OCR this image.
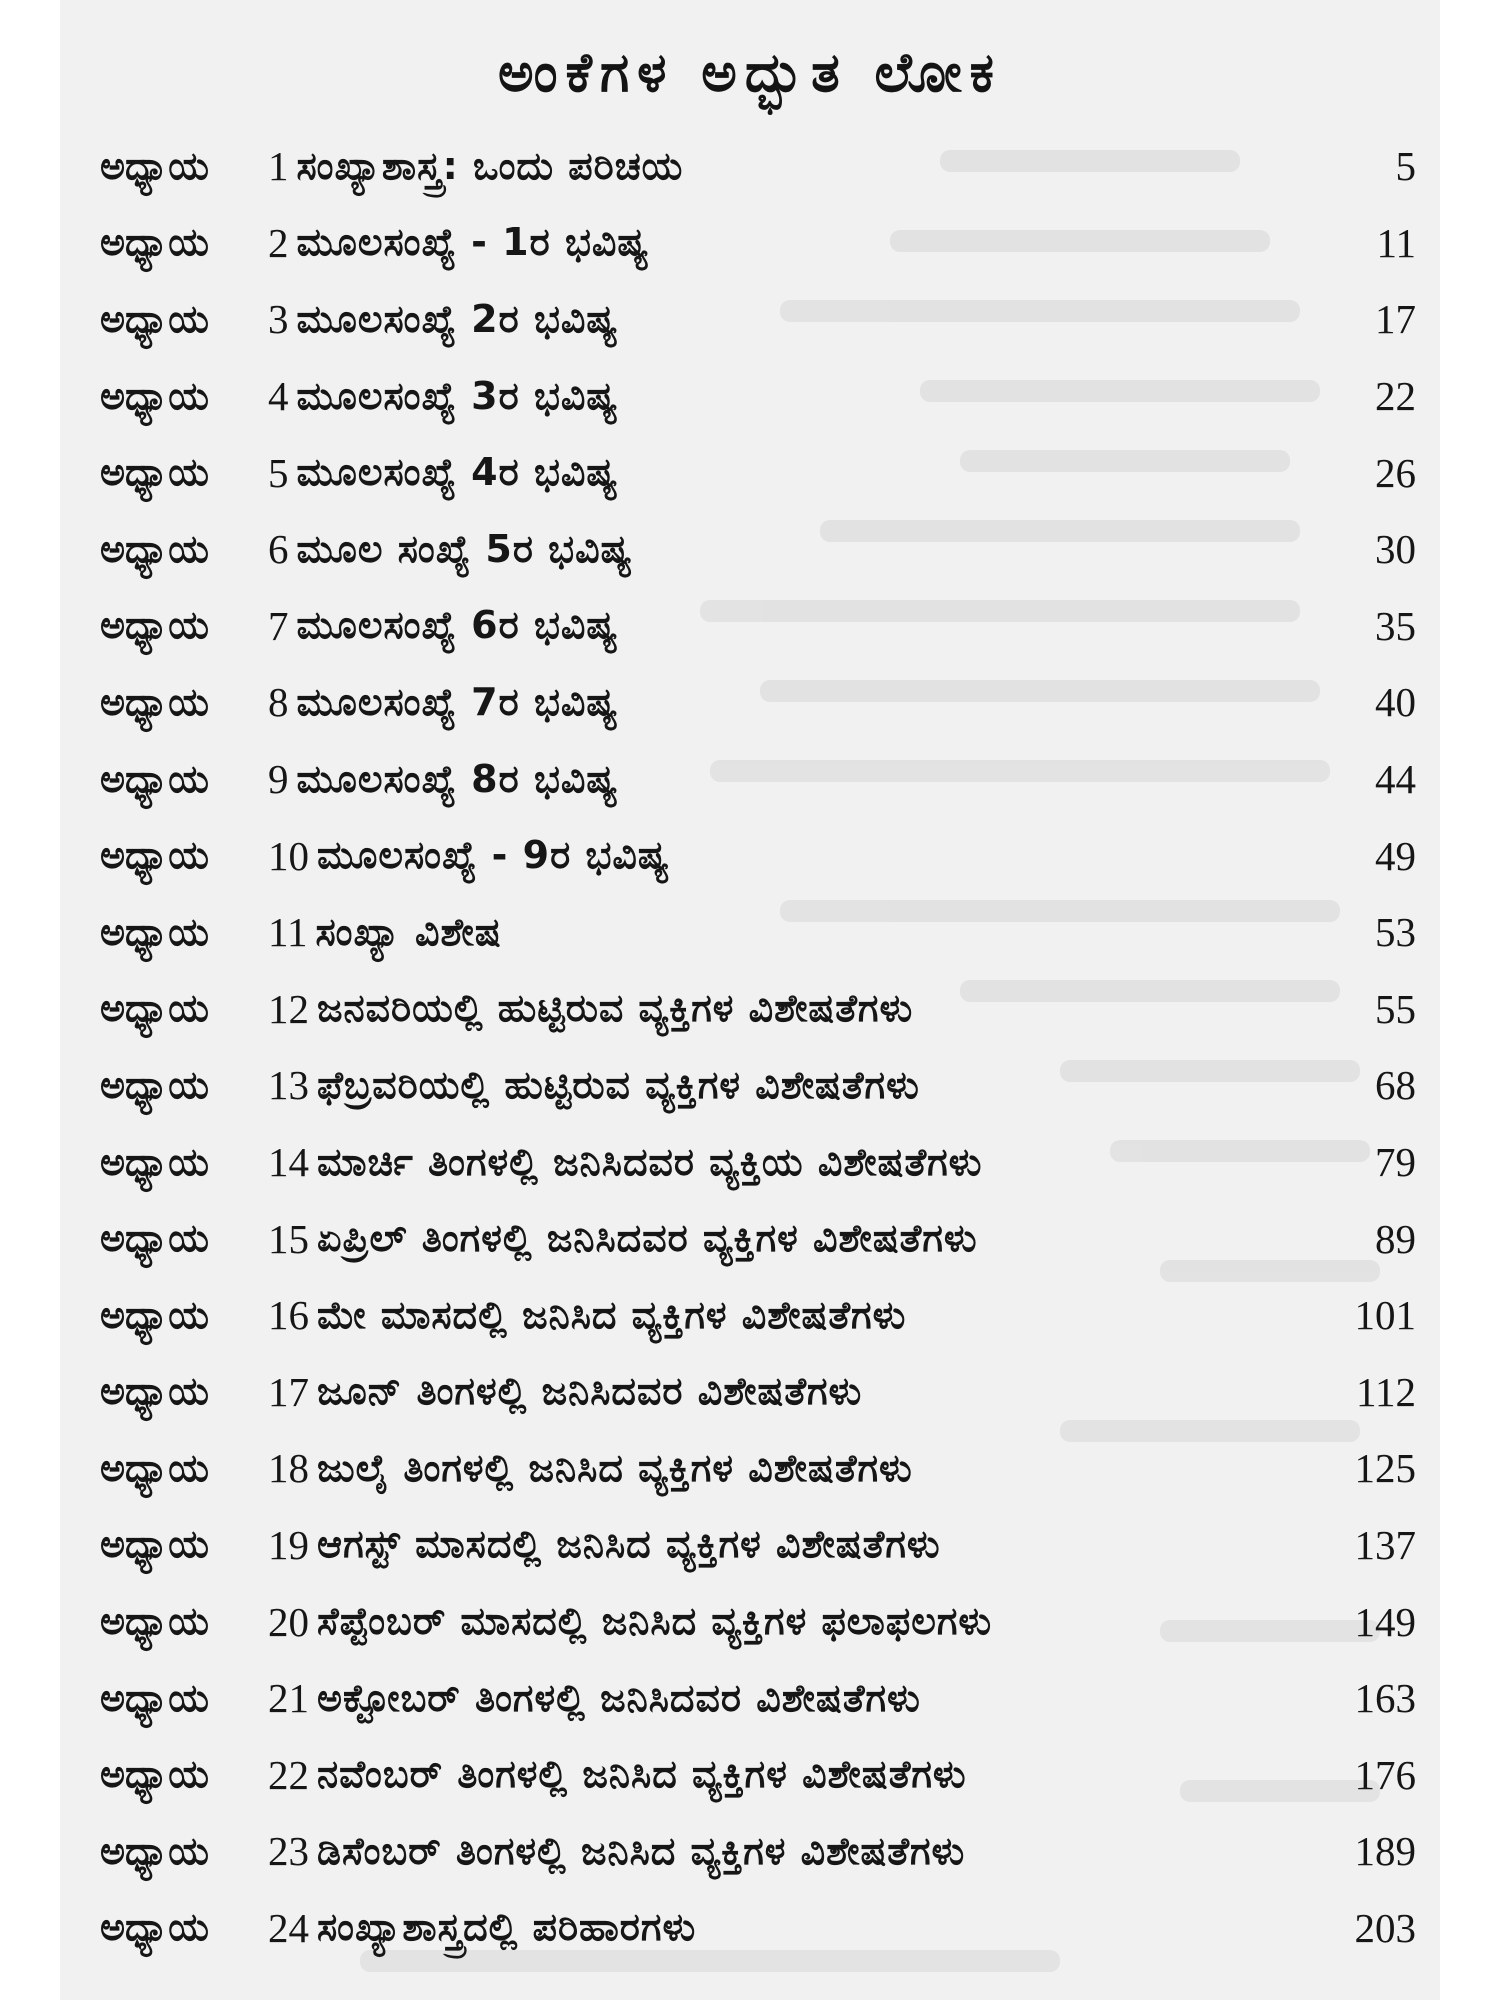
ಅಂಕೆಗಳ ಅದ್ಭುತ ಲೋಕ
ಅಧ್ಯಾಯ	1 ಸಂಖ್ಯಾಶಾಸ್ತ್ರ: ಒಂದು ಪರಿಚಯ	5
ಅಧ್ಯಾಯ	2 ಮೂಲಸಂಖ್ಯೆ - 1ರ ಭವಿಷ್ಯ	11
ಅಧ್ಯಾಯ	3 ಮೂಲಸಂಖ್ಯೆ 2ರ ಭವಿಷ್ಯ	17
ಅಧ್ಯಾಯ	4 ಮೂಲಸಂಖ್ಯೆ 3ರ ಭವಿಷ್ಯ	22
ಅಧ್ಯಾಯ	5 ಮೂಲಸಂಖ್ಯೆ 4ರ ಭವಿಷ್ಯ	26
ಅಧ್ಯಾಯ	6 ಮೂಲ ಸಂಖ್ಯೆ 5ರ ಭವಿಷ್ಯ	30
ಅಧ್ಯಾಯ	7 ಮೂಲಸಂಖ್ಯೆ 6ರ ಭವಿಷ್ಯ	35
ಅಧ್ಯಾಯ	8 ಮೂಲಸಂಖ್ಯೆ 7ರ ಭವಿಷ್ಯ	40
ಅಧ್ಯಾಯ	9 ಮೂಲಸಂಖ್ಯೆ 8ರ ಭವಿಷ್ಯ	44
ಅಧ್ಯಾಯ	10 ಮೂಲಸಂಖ್ಯೆ - 9ರ ಭವಿಷ್ಯ	49
ಅಧ್ಯಾಯ	11 ಸಂಖ್ಯಾ ವಿಶೇಷ	53
ಅಧ್ಯಾಯ	12 ಜನವರಿಯಲ್ಲಿ ಹುಟ್ಟಿರುವ ವ್ಯಕ್ತಿಗಳ ವಿಶೇಷತೆಗಳು	55
ಅಧ್ಯಾಯ	13 ಫೆಬ್ರವರಿಯಲ್ಲಿ ಹುಟ್ಟಿರುವ ವ್ಯಕ್ತಿಗಳ ವಿಶೇಷತೆಗಳು	68
ಅಧ್ಯಾಯ	14 ಮಾರ್ಚಿ ತಿಂಗಳಲ್ಲಿ ಜನಿಸಿದವರ ವ್ಯಕ್ತಿಯ ವಿಶೇಷತೆಗಳು	79
ಅಧ್ಯಾಯ	15 ಏಪ್ರಿಲ್ ತಿಂಗಳಲ್ಲಿ ಜನಿಸಿದವರ ವ್ಯಕ್ತಿಗಳ ವಿಶೇಷತೆಗಳು	89
ಅಧ್ಯಾಯ	16 ಮೇ ಮಾಸದಲ್ಲಿ ಜನಿಸಿದ ವ್ಯಕ್ತಿಗಳ ವಿಶೇಷತೆಗಳು	101
ಅಧ್ಯಾಯ	17 ಜೂನ್ ತಿಂಗಳಲ್ಲಿ ಜನಿಸಿದವರ ವಿಶೇಷತೆಗಳು	112
ಅಧ್ಯಾಯ	18 ಜುಲೈ ತಿಂಗಳಲ್ಲಿ ಜನಿಸಿದ ವ್ಯಕ್ತಿಗಳ ವಿಶೇಷತೆಗಳು	125
ಅಧ್ಯಾಯ	19 ಆಗಸ್ಟ್ ಮಾಸದಲ್ಲಿ ಜನಿಸಿದ ವ್ಯಕ್ತಿಗಳ ವಿಶೇಷತೆಗಳು	137
ಅಧ್ಯಾಯ	20 ಸೆಪ್ಟೆಂಬರ್ ಮಾಸದಲ್ಲಿ ಜನಿಸಿದ ವ್ಯಕ್ತಿಗಳ ಫಲಾಫಲಗಳು	149
ಅಧ್ಯಾಯ	21 ಅಕ್ಟೋಬರ್ ತಿಂಗಳಲ್ಲಿ ಜನಿಸಿದವರ ವಿಶೇಷತೆಗಳು	163
ಅಧ್ಯಾಯ	22 ನವೆಂಬರ್ ತಿಂಗಳಲ್ಲಿ ಜನಿಸಿದ ವ್ಯಕ್ತಿಗಳ ವಿಶೇಷತೆಗಳು	176
ಅಧ್ಯಾಯ	23 ಡಿಸೆಂಬರ್ ತಿಂಗಳಲ್ಲಿ ಜನಿಸಿದ ವ್ಯಕ್ತಿಗಳ ವಿಶೇಷತೆಗಳು	189
ಅಧ್ಯಾಯ	24 ಸಂಖ್ಯಾಶಾಸ್ತ್ರದಲ್ಲಿ ಪರಿಹಾರಗಳು	203
